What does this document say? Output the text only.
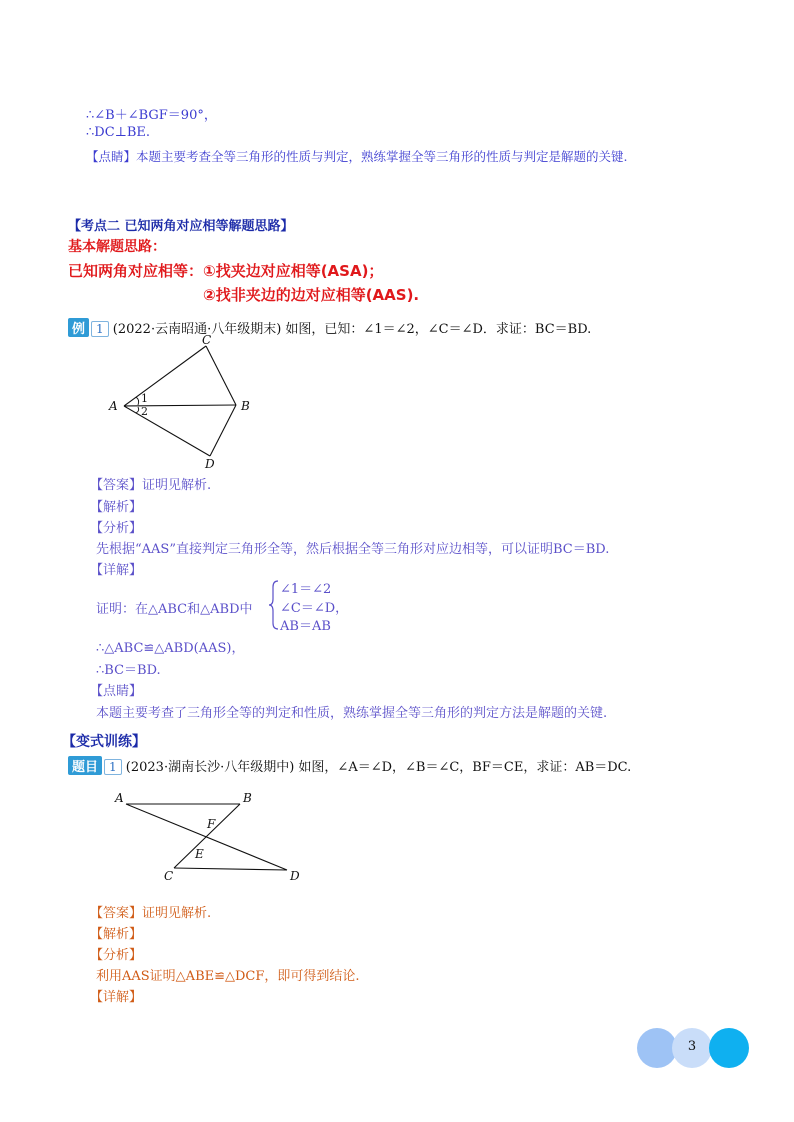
∴∠B＋∠BGF＝90°，
∴DC⊥BE.
【点睛】本题主要考查全等三角形的性质与判定，熟练掌握全等三角形的性质与判定是解题的关键.
【考点二 已知两角对应相等解题思路】
基本解题思路：
已知两角对应相等：①找夹边对应相等(ASA)；
②找非夹边的边对应相等(AAS).
例 1 (2022·云南昭通·八年级期末) 如图，已知：∠1＝∠2，∠C＝∠D．求证：BC＝BD.
1
2
A
C
B
D
【答案】证明见解析.
【解析】
【分析】
先根据“AAS”直接判定三角形全等，然后根据全等三角形对应边相等，可以证明BC＝BD.
【详解】
证明：在△ABC和△ABD中
∠1＝∠2
∠C＝∠D，
AB＝AB
∴△ABC≌△ABD(AAS)，
∴BC＝BD.
【点睛】
本题主要考查了三角形全等的判定和性质，熟练掌握全等三角形的判定方法是解题的关键.
【变式训练】
题目 1 (2023·湖南长沙·八年级期中) 如图，∠A＝∠D，∠B＝∠C，BF＝CE，求证：AB＝DC.
A	B
F
E
C	D
【答案】证明见解析.
【解析】
【分析】
利用AAS证明△ABE≌△DCF，即可得到结论.
【详解】
3
